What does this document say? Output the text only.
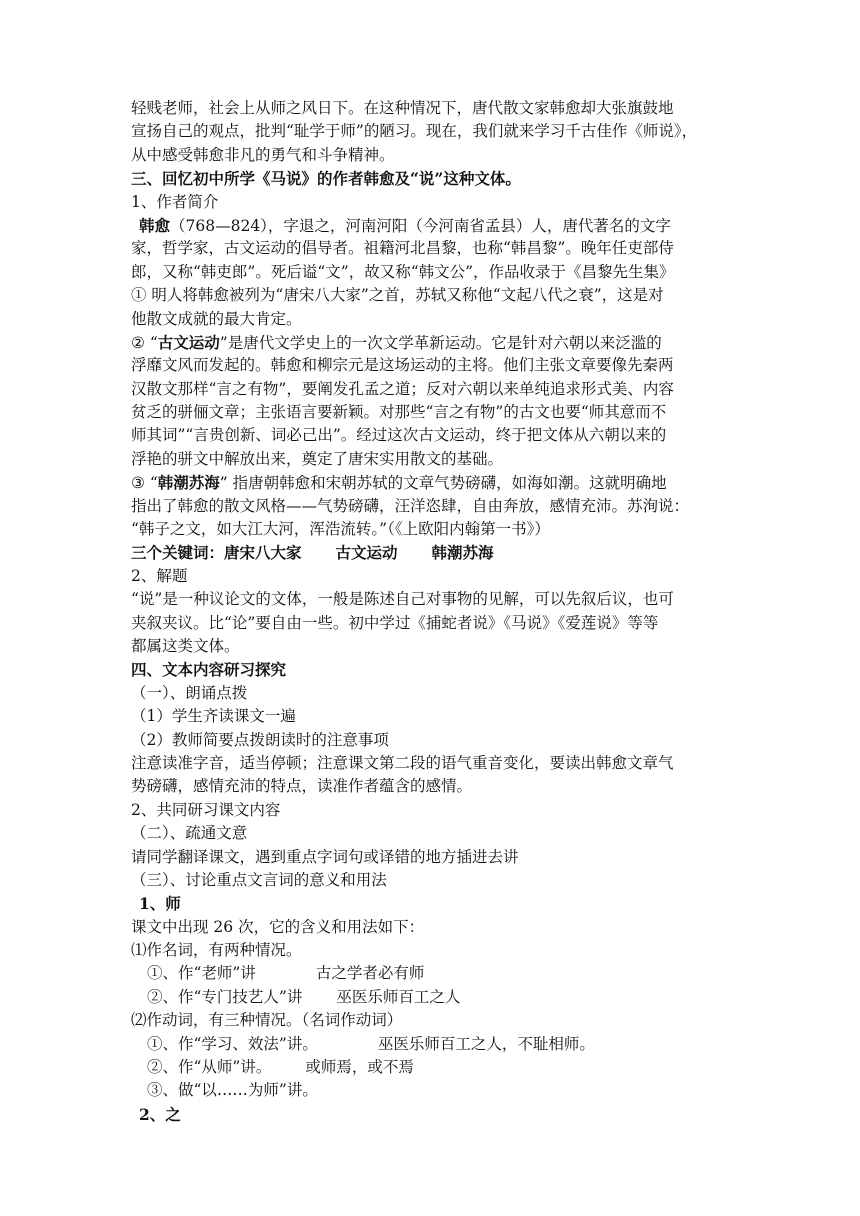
轻贱老师，社会上从师之风日下。在这种情况下，唐代散文家韩愈却大张旗鼓地
宣扬自己的观点，批判“耻学于师”的陋习。现在，我们就来学习千古佳作《师说》，
从中感受韩愈非凡的勇气和斗争精神。
三、回忆初中所学《马说》的作者韩愈及“说”这种文体。
1、作者简介
韩愈（768—824），字退之，河南河阳（今河南省孟县）人，唐代著名的文字
家，哲学家，古文运动的倡导者。祖籍河北昌黎，也称“韩昌黎”。晚年任吏部侍
郎，又称“韩吏郎”。死后谥“文”，故又称“韩文公”，作品收录于《昌黎先生集》
① 明人将韩愈被列为“唐宋八大家”之首，苏轼又称他“文起八代之衰”，这是对
他散文成就的最大肯定。
② “古文运动”是唐代文学史上的一次文学革新运动。它是针对六朝以来泛滥的
浮靡文风而发起的。韩愈和柳宗元是这场运动的主将。他们主张文章要像先秦两
汉散文那样“言之有物”，要阐发孔孟之道；反对六朝以来单纯追求形式美、内容
贫乏的骈俪文章；主张语言要新颖。对那些“言之有物”的古文也要“师其意而不
师其词”“言贵创新、词必己出”。经过这次古文运动，终于把文体从六朝以来的
浮艳的骈文中解放出来，奠定了唐宋实用散文的基础。
③ “韩潮苏海” 指唐朝韩愈和宋朝苏轼的文章气势磅礴，如海如潮。这就明确地
指出了韩愈的散文风格——气势磅礴，汪洋恣肆，自由奔放，感情充沛。苏洵说：
“韩子之文，如大江大河，浑浩流转。”（《上欧阳内翰第一书》）
三个关键词：唐宋八大家 古文运动 韩潮苏海
2、解题
“说”是一种议论文的文体，一般是陈述自己对事物的见解，可以先叙后议，也可
夹叙夹议。比“论”要自由一些。初中学过《捕蛇者说》《马说》《爱莲说》等等
都属这类文体。
四、文本内容研习探究
（一）、朗诵点拨
（1）学生齐读课文一遍
（2）教师简要点拨朗读时的注意事项
注意读准字音，适当停顿；注意课文第二段的语气重音变化，要读出韩愈文章气
势磅礴，感情充沛的特点，读准作者蕴含的感情。
2、共同研习课文内容
（二）、疏通文意
请同学翻译课文，遇到重点字词句或译错的地方插进去讲
（三）、讨论重点文言词的意义和用法
1、师
课文中出现 26 次，它的含义和用法如下：
⑴作名词，有两种情况。
①、作“老师”讲	古之学者必有师
②、作“专门技艺人”讲 巫医乐师百工之人
⑵作动词，有三种情况。（名词作动词）
①、作“学习、效法”讲。	巫医乐师百工之人，不耻相师。
②、作“从师”讲。 或师焉，或不焉
③、做“以……为师”讲。
2、之
